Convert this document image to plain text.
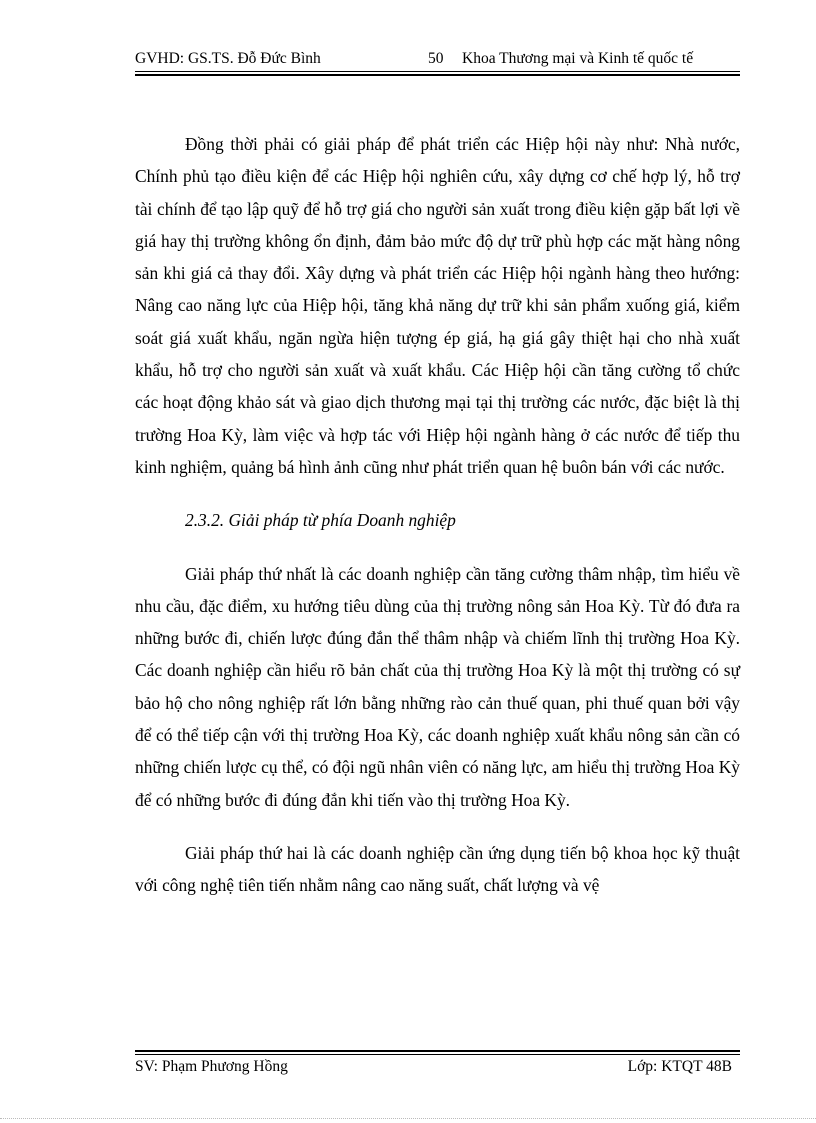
GVHD: GS.TS. Đỗ Đức Bình	50 Khoa Thương mại và Kinh tế quốc tế

Đồng thời phải có giải pháp để phát triển các Hiệp hội này như: Nhà nước, Chính phủ tạo điều kiện để các Hiệp hội nghiên cứu, xây dựng cơ chế hợp lý, hỗ trợ tài chính để tạo lập quỹ để hỗ trợ giá cho người sản xuất trong điều kiện gặp bất lợi về giá hay thị trường không ổn định, đảm bảo mức độ dự trữ phù hợp các mặt hàng nông sản khi giá cả thay đổi. Xây dựng và phát triển các Hiệp hội ngành hàng theo hướng: Nâng cao năng lực của Hiệp hội, tăng khả năng dự trữ khi sản phẩm xuống giá, kiểm soát giá xuất khẩu, ngăn ngừa hiện tượng ép giá, hạ giá gây thiệt hại cho nhà xuất khẩu, hỗ trợ cho người sản xuất và xuất khẩu. Các Hiệp hội cần tăng cường tổ chức các hoạt động khảo sát và giao dịch thương mại tại thị trường các nước, đặc biệt là thị trường Hoa Kỳ, làm việc và hợp tác với Hiệp hội ngành hàng ở các nước để tiếp thu kinh nghiệm, quảng bá hình ảnh cũng như phát triển quan hệ buôn bán với các nước.

2.3.2. Giải pháp từ phía Doanh nghiệp

Giải pháp thứ nhất là các doanh nghiệp cần tăng cường thâm nhập, tìm hiểu về nhu cầu, đặc điểm, xu hướng tiêu dùng của thị trường nông sản Hoa Kỳ. Từ đó đưa ra những bước đi, chiến lược đúng đắn thể thâm nhập và chiếm lĩnh thị trường Hoa Kỳ. Các doanh nghiệp cần hiểu rõ bản chất của thị trường Hoa Kỳ là một thị trường có sự bảo hộ cho nông nghiệp rất lớn bằng những rào cản thuế quan, phi thuế quan bởi vậy để có thể tiếp cận với thị trường Hoa Kỳ, các doanh nghiệp xuất khẩu nông sản cần có những chiến lược cụ thể, có đội ngũ nhân viên có năng lực, am hiểu thị trường Hoa Kỳ để có những bước đi đúng đắn khi tiến vào thị trường Hoa Kỳ.

Giải pháp thứ hai là các doanh nghiệp cần ứng dụng tiến bộ khoa học kỹ thuật với công nghệ tiên tiến nhằm nâng cao năng suất, chất lượng và vệ

SV: Phạm Phương Hồng	Lớp: KTQT 48B
